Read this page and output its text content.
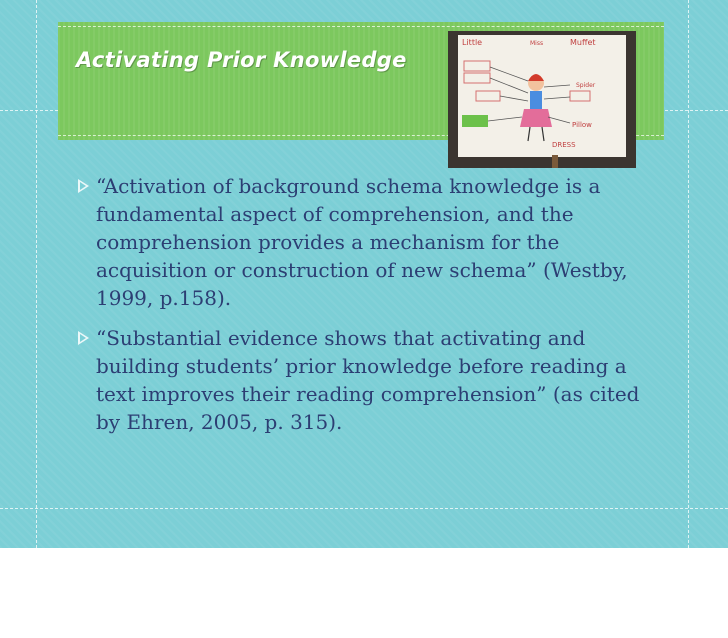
Activating Prior Knowledge
Little	Miss	Muffet
Spider
Pillow
DRESS
“Activation of background schema knowledge is a fundamental aspect of comprehension, and the comprehension provides a mechanism for the acquisition or construction of new schema” (Westby, 1999, p.158).
“Substantial evidence shows that activating and building students’ prior knowledge before reading a text improves their reading comprehension” (as cited by Ehren, 2005, p. 315).
